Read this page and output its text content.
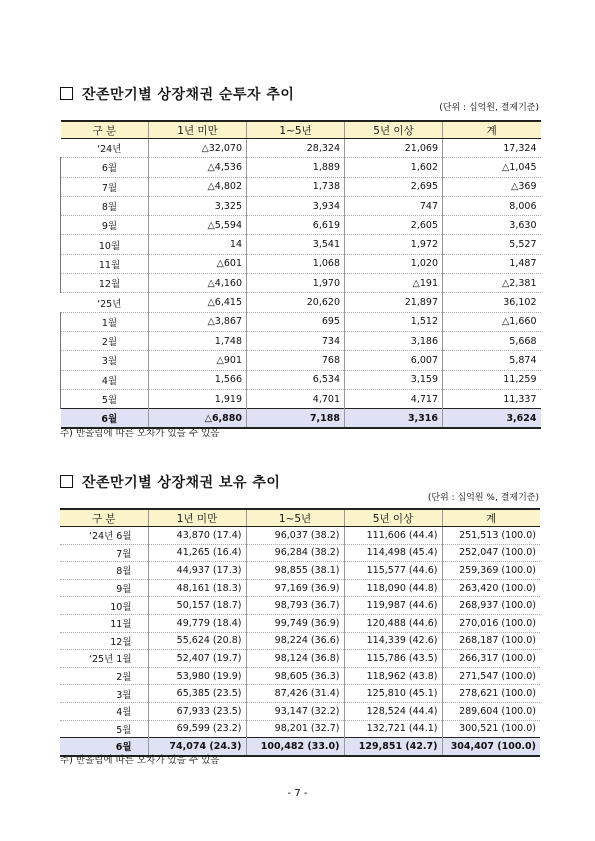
잔존만기별 상장채권 순투자 추이
(단위 : 십억원, 결제기준)
구 분	1년 미만	1~5년	5년 이상	계
‘24년	△32,070	28,324	21,069	17,324
6월	△4,536	1,889	1,602	△1,045
7월	△4,802	1,738	2,695	△369
8월	3,325	3,934	747	8,006
9월	△5,594	6,619	2,605	3,630
10월	14	3,541	1,972	5,527
11월	△601	1,068	1,020	1,487
12월	△4,160	1,970	△191	△2,381
‘25년	△6,415	20,620	21,897	36,102
1월	△3,867	695	1,512	△1,660
2월	1,748	734	3,186	5,668
3월	△901	768	6,007	5,874
4월	1,566	6,534	3,159	11,259
5월	1,919	4,701	4,717	11,337
6월	△6,880	7,188	3,316	3,624
주) 반올림에 따른 오차가 있을 수 있음
잔존만기별 상장채권 보유 추이
(단위 : 십억원 %, 결제기준)
구 분	1년 미만	1~5년	5년 이상	계
‘24년 6월	43,870 (17.4)	96,037 (38.2)	111,606 (44.4)	251,513 (100.0)
7월	41,265 (16.4)	96,284 (38.2)	114,498 (45.4)	252,047 (100.0)
8월	44,937 (17.3)	98,855 (38.1)	115,577 (44.6)	259,369 (100.0)
9월	48,161 (18.3)	97,169 (36.9)	118,090 (44.8)	263,420 (100.0)
10월	50,157 (18.7)	98,793 (36.7)	119,987 (44.6)	268,937 (100.0)
11월	49,779 (18.4)	99,749 (36.9)	120,488 (44.6)	270,016 (100.0)
12월	55,624 (20.8)	98,224 (36.6)	114,339 (42.6)	268,187 (100.0)
‘25년 1월	52,407 (19.7)	98,124 (36.8)	115,786 (43.5)	266,317 (100.0)
2월	53,980 (19.9)	98,605 (36.3)	118,962 (43.8)	271,547 (100.0)
3월	65,385 (23.5)	87,426 (31.4)	125,810 (45.1)	278,621 (100.0)
4월	67,933 (23.5)	93,147 (32.2)	128,524 (44.4)	289,604 (100.0)
5월	69,599 (23.2)	98,201 (32.7)	132,721 (44.1)	300,521 (100.0)
6월	74,074 (24.3)	100,482 (33.0)	129,851 (42.7)	304,407 (100.0)
주) 반올림에 따른 오차가 있을 수 있음
- 7 -
